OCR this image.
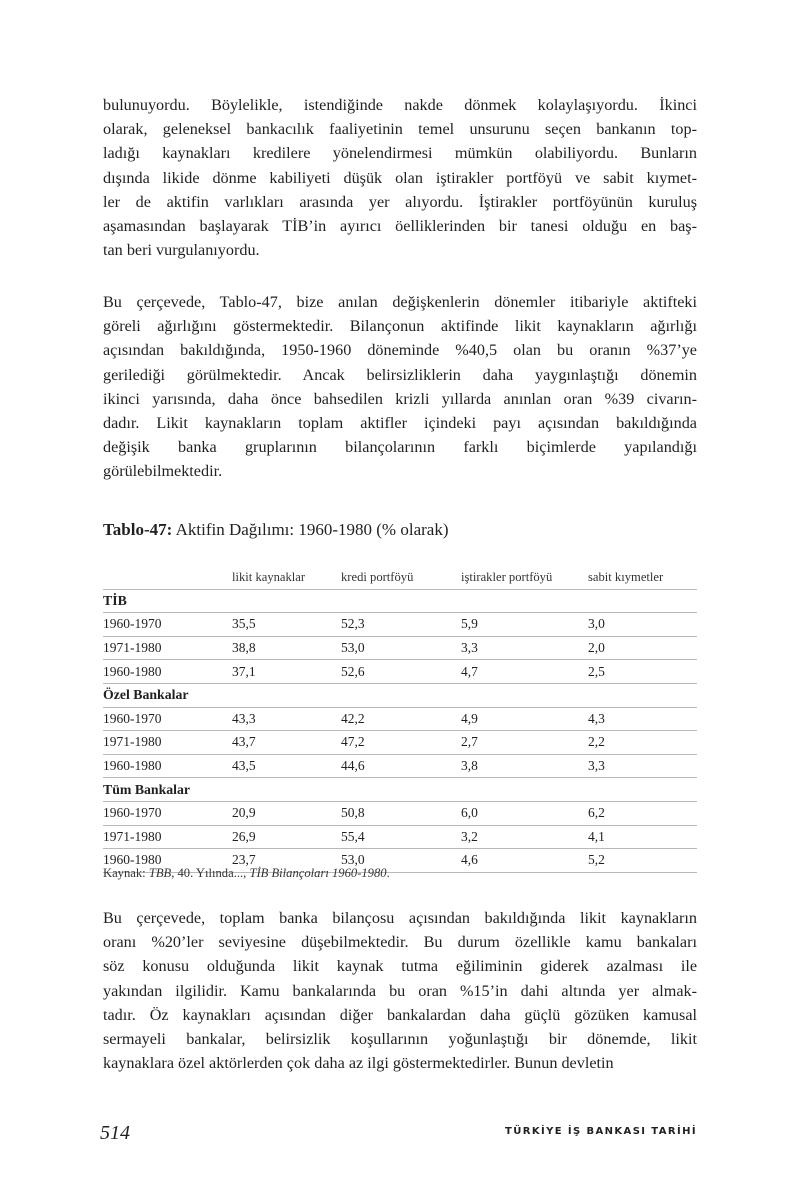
bulunuyordu. Böylelikle, istendiğinde nakde dönmek kolaylaşıyordu. İkinci
olarak, geleneksel bankacılık faaliyetinin temel unsurunu seçen bankanın top-
ladığı kaynakları kredilere yönelendirmesi mümkün olabiliyordu. Bunların
dışında likide dönme kabiliyeti düşük olan iştirakler portföyü ve sabit kıymet-
ler de aktifin varlıkları arasında yer alıyordu. İştirakler portföyünün kuruluş
aşamasından başlayarak TİB’in ayırıcı öelliklerinden bir tanesi olduğu en baş-
tan beri vurgulanıyordu.
Bu çerçevede, Tablo-47, bize anılan değişkenlerin dönemler itibariyle aktifteki
göreli ağırlığını göstermektedir. Bilançonun aktifinde likit kaynakların ağırlığı
açısından bakıldığında, 1950-1960 döneminde %40,5 olan bu oranın %37’ye
gerilediği görülmektedir. Ancak belirsizliklerin daha yaygınlaştığı dönemin
ikinci yarısında, daha önce bahsedilen krizli yıllarda anınlan oran %39 civarın-
dadır. Likit kaynakların toplam aktifler içindeki payı açısından bakıldığında
değişik banka gruplarının bilançolarının farklı biçimlerde yapılandığı
görülebilmektedir.
Tablo-47: Aktifin Dağılımı: 1960-1980 (% olarak)
	likit kaynaklar	kredi portföyü	iştirakler portföyü	sabit kıymetler
TİB				
1960-1970	35,5	52,3	5,9	3,0
1971-1980	38,8	53,0	3,3	2,0
1960-1980	37,1	52,6	4,7	2,5
Özel Bankalar				
1960-1970	43,3	42,2	4,9	4,3
1971-1980	43,7	47,2	2,7	2,2
1960-1980	43,5	44,6	3,8	3,3
Tüm Bankalar				
1960-1970	20,9	50,8	6,0	6,2
1971-1980	26,9	55,4	3,2	4,1
1960-1980	23,7	53,0	4,6	5,2
Kaynak: TBB, 40. Yılında..., TİB Bilançoları 1960-1980.
Bu çerçevede, toplam banka bilançosu açısından bakıldığında likit kaynakların
oranı %20’ler seviyesine düşebilmektedir. Bu durum özellikle kamu bankaları
söz konusu olduğunda likit kaynak tutma eğiliminin giderek azalması ile
yakından ilgilidir. Kamu bankalarında bu oran %15’in dahi altında yer almak-
tadır. Öz kaynakları açısından diğer bankalardan daha güçlü gözüken kamusal
sermayeli bankalar, belirsizlik koşullarının yoğunlaştığı bir dönemde, likit
kaynaklara özel aktörlerden çok daha az ilgi göstermektedirler. Bunun devletin
514	TÜRKİYE İŞ BANKASI TARİHİ
